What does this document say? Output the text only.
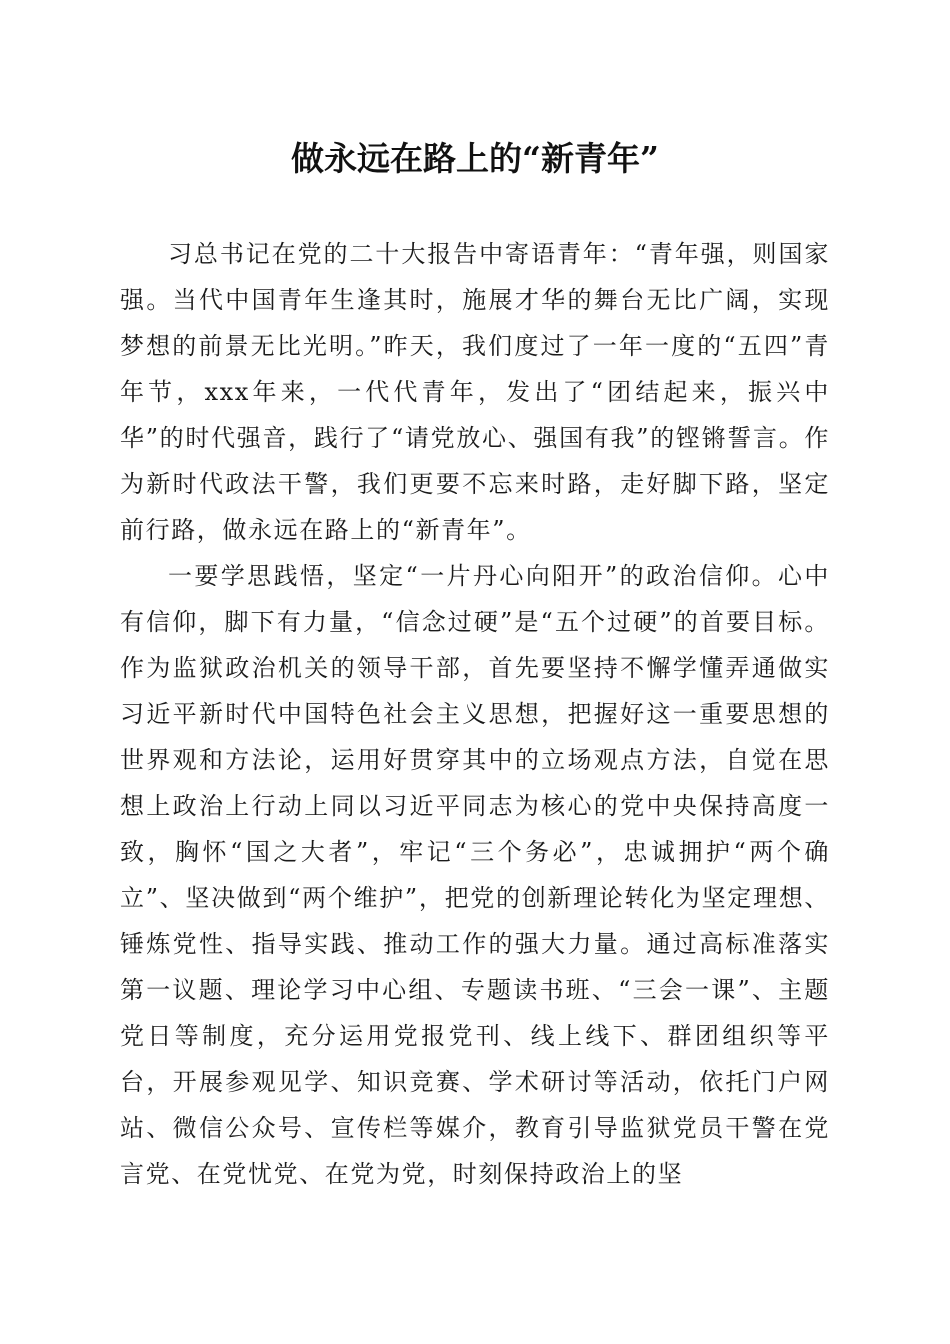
做永远在路上的“新青年”

习总书记在党的二十大报告中寄语青年：“青年强，则国家强。当代中国青年生逢其时，施展才华的舞台无比广阔，实现梦想的前景无比光明。”昨天，我们度过了一年一度的“五四”青年节，xxx年来，一代代青年，发出了“团结起来，振兴中华”的时代强音，践行了“请党放心、强国有我”的铿锵誓言。作为新时代政法干警，我们更要不忘来时路，走好脚下路，坚定前行路，做永远在路上的“新青年”。

一要学思践悟，坚定“一片丹心向阳开”的政治信仰。心中有信仰，脚下有力量，“信念过硬”是“五个过硬”的首要目标。作为监狱政治机关的领导干部，首先要坚持不懈学懂弄通做实习近平新时代中国特色社会主义思想，把握好这一重要思想的世界观和方法论，运用好贯穿其中的立场观点方法，自觉在思想上政治上行动上同以习近平同志为核心的党中央保持高度一致，胸怀“国之大者”，牢记“三个务必”，忠诚拥护“两个确立”、坚决做到“两个维护”，把党的创新理论转化为坚定理想、锤炼党性、指导实践、推动工作的强大力量。通过高标准落实第一议题、理论学习中心组、专题读书班、“三会一课”、主题党日等制度，充分运用党报党刊、线上线下、群团组织等平台，开展参观见学、知识竞赛、学术研讨等活动，依托门户网站、微信公众号、宣传栏等媒介，教育引导监狱党员干警在党言党、在党忧党、在党为党，时刻保持政治上的坚
